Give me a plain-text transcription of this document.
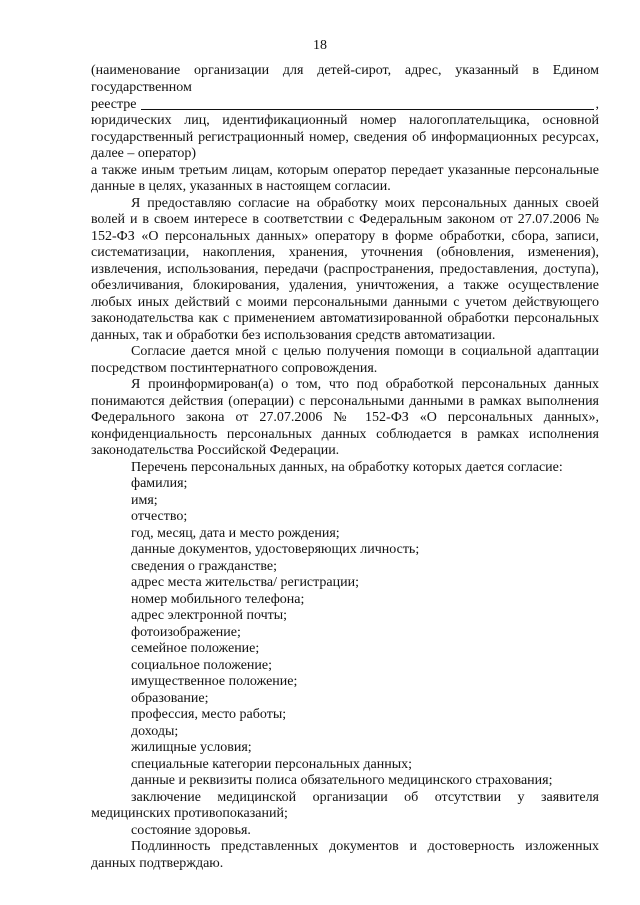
18

(наименование организации для детей-сирот, адрес, указанный в Едином государственном

реестре	,

юридических лиц, идентификационный номер налогоплательщика, основной государственный регистрационный номер, сведения об информационных ресурсах, далее – оператор)

а также иным третьим лицам, которым оператор передает указанные персональные данные в целях, указанных в настоящем согласии.

Я предоставляю согласие на обработку моих персональных данных своей волей и в своем интересе в соответствии с Федеральным законом от 27.07.2006 № 152-ФЗ «О персональных данных» оператору в форме обработки, сбора, записи, систематизации, накопления, хранения, уточнения (обновления, изменения), извлечения, использования, передачи (распространения, предоставления, доступа), обезличивания, блокирования, удаления, уничтожения, а также осуществление любых иных действий с моими персональными данными с учетом действующего законодательства как с применением автоматизированной обработки персональных данных, так и обработки без использования средств автоматизации.

Согласие дается мной с целью получения помощи в социальной адаптации посредством постинтернатного сопровождения.

Я проинформирован(а) о том, что под обработкой персональных данных понимаются действия (операции) с персональными данными в рамках выполнения Федерального закона от 27.07.2006 № 152-ФЗ «О персональных данных», конфиденциальность персональных данных соблюдается в рамках исполнения законодательства Российской Федерации.

Перечень персональных данных, на обработку которых дается согласие:

фамилия;
имя;
отчество;
год, месяц, дата и место рождения;
данные документов, удостоверяющих личность;
сведения о гражданстве;
адрес места жительства/ регистрации;
номер мобильного телефона;
адрес электронной почты;
фотоизображение;
семейное положение;
социальное положение;
имущественное положение;
образование;
профессия, место работы;
доходы;
жилищные условия;
специальные категории персональных данных;
данные и реквизиты полиса обязательного медицинского страхования;
заключение медицинской организации об отсутствии у заявителя медицинских противопоказаний;
состояние здоровья.

Подлинность представленных документов и достоверность изложенных данных подтверждаю.
